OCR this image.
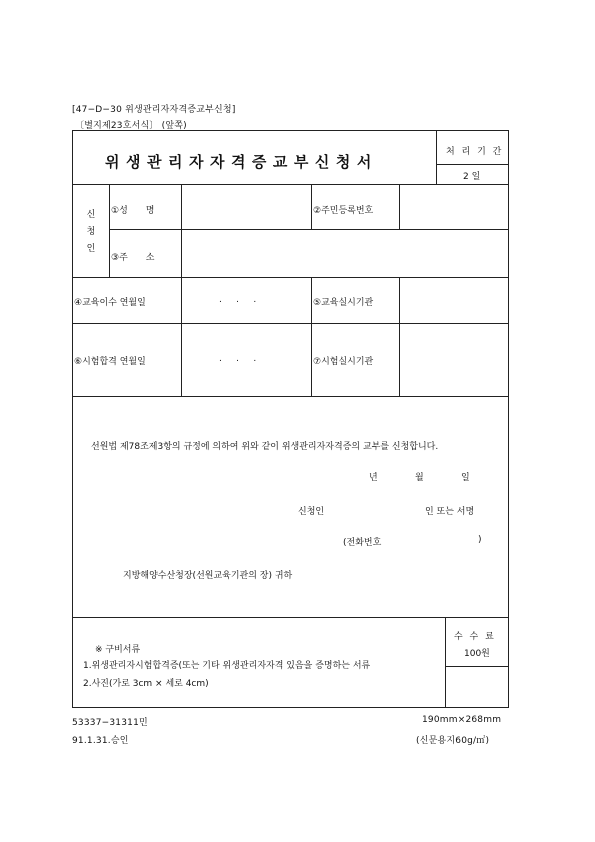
[47−D−30 위생관리자자격증교부신청]
〔별지제23호서식〕 (앞쪽)
위생관리자자격증교부신청서
처 리 기 간
2 일
신
청
인
①성　　명	②주민등록번호
③주　　소
④교육이수 연월일	.     .     .	⑤교육실시기관
⑥시험합격 연월일	.     .     .	⑦시험실시기관
선원법 제78조제3항의 규정에 의하여 위와 같이 위생관리자자격증의 교부를 신청합니다.
년	월	일
신청인	인 또는 서명
(전화번호	)
지방해양수산청장(선원교육기관의 장) 귀하
※ 구비서류
1.위생관리자시험합격증(또는 기타 위생관리자자격 있음을 증명하는 서류
2.사진(가로 3cm × 세로 4cm)
수 수 료
100원
53337−31311민	190mm×268mm
91.1.31.승인	(신문용지60g/㎡)
